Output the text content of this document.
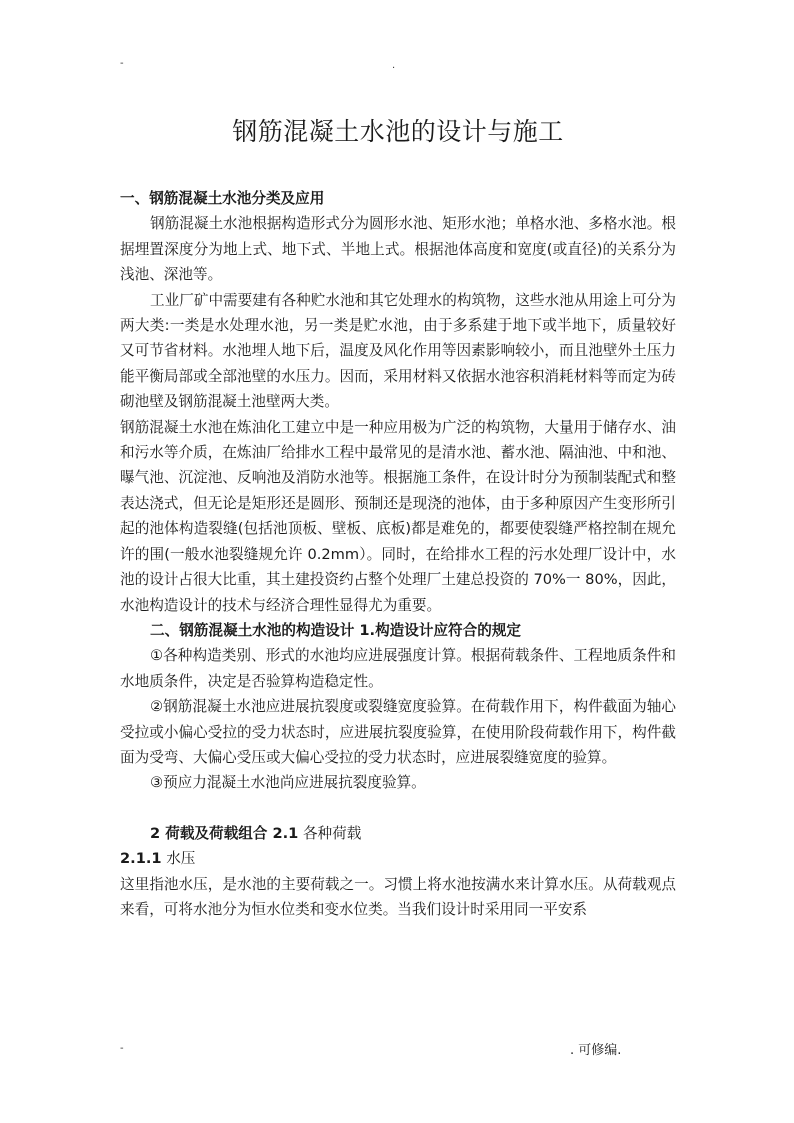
-	.
钢筋混凝土水池的设计与施工

一、钢筋混凝土水池分类及应用

钢筋混凝土水池根据构造形式分为圆形水池、矩形水池；单格水池、多格水池。根据埋置深度分为地上式、地下式、半地上式。根据池体高度和宽度(或直径)的关系分为浅池、深池等。

工业厂矿中需要建有各种贮水池和其它处理水的构筑物，这些水池从用途上可分为两大类:一类是水处理水池，另一类是贮水池，由于多系建于地下或半地下，质量较好又可节省材料。水池埋人地下后，温度及风化作用等因素影响较小，而且池壁外土压力能平衡局部或全部池壁的水压力。因而，采用材料又依据水池容积消耗材料等而定为砖砌池壁及钢筋混凝土池壁两大类。

钢筋混凝土水池在炼油化工建立中是一种应用极为广泛的构筑物，大量用于储存水、油和污水等介质，在炼油厂给排水工程中最常见的是清水池、蓄水池、隔油池、中和池、曝气池、沉淀池、反响池及消防水池等。根据施工条件，在设计时分为预制装配式和整表达浇式，但无论是矩形还是圆形、预制还是现浇的池体，由于多种原因产生变形所引起的池体构造裂缝(包括池顶板、壁板、底板)都是难免的，都要使裂缝严格控制在规允许的围(一般水池裂缝规允许 0.2mm）。同时，在给排水工程的污水处理厂设计中，水池的设计占很大比重，其土建投资约占整个处理厂土建总投资的 70%一 80%，因此，水池构造设计的技术与经济合理性显得尤为重要。

二、钢筋混凝土水池的构造设计 1.构造设计应符合的规定

①各种构造类别、形式的水池均应进展强度计算。根据荷载条件、工程地质条件和水地质条件，决定是否验算构造稳定性。

②钢筋混凝土水池应进展抗裂度或裂缝宽度验算。在荷载作用下，构件截面为轴心受拉或小偏心受拉的受力状态时，应进展抗裂度验算，在使用阶段荷载作用下，构件截面为受弯、大偏心受压或大偏心受拉的受力状态时，应进展裂缝宽度的验算。

③预应力混凝土水池尚应进展抗裂度验算。

2 荷载及荷载组合 2.1 各种荷载

2.1.1 水压

这里指池水压，是水池的主要荷载之一。习惯上将水池按满水来计算水压。从荷载观点来看，可将水池分为恒水位类和变水位类。当我们设计时采用同一平安系

-	. 可修编.
